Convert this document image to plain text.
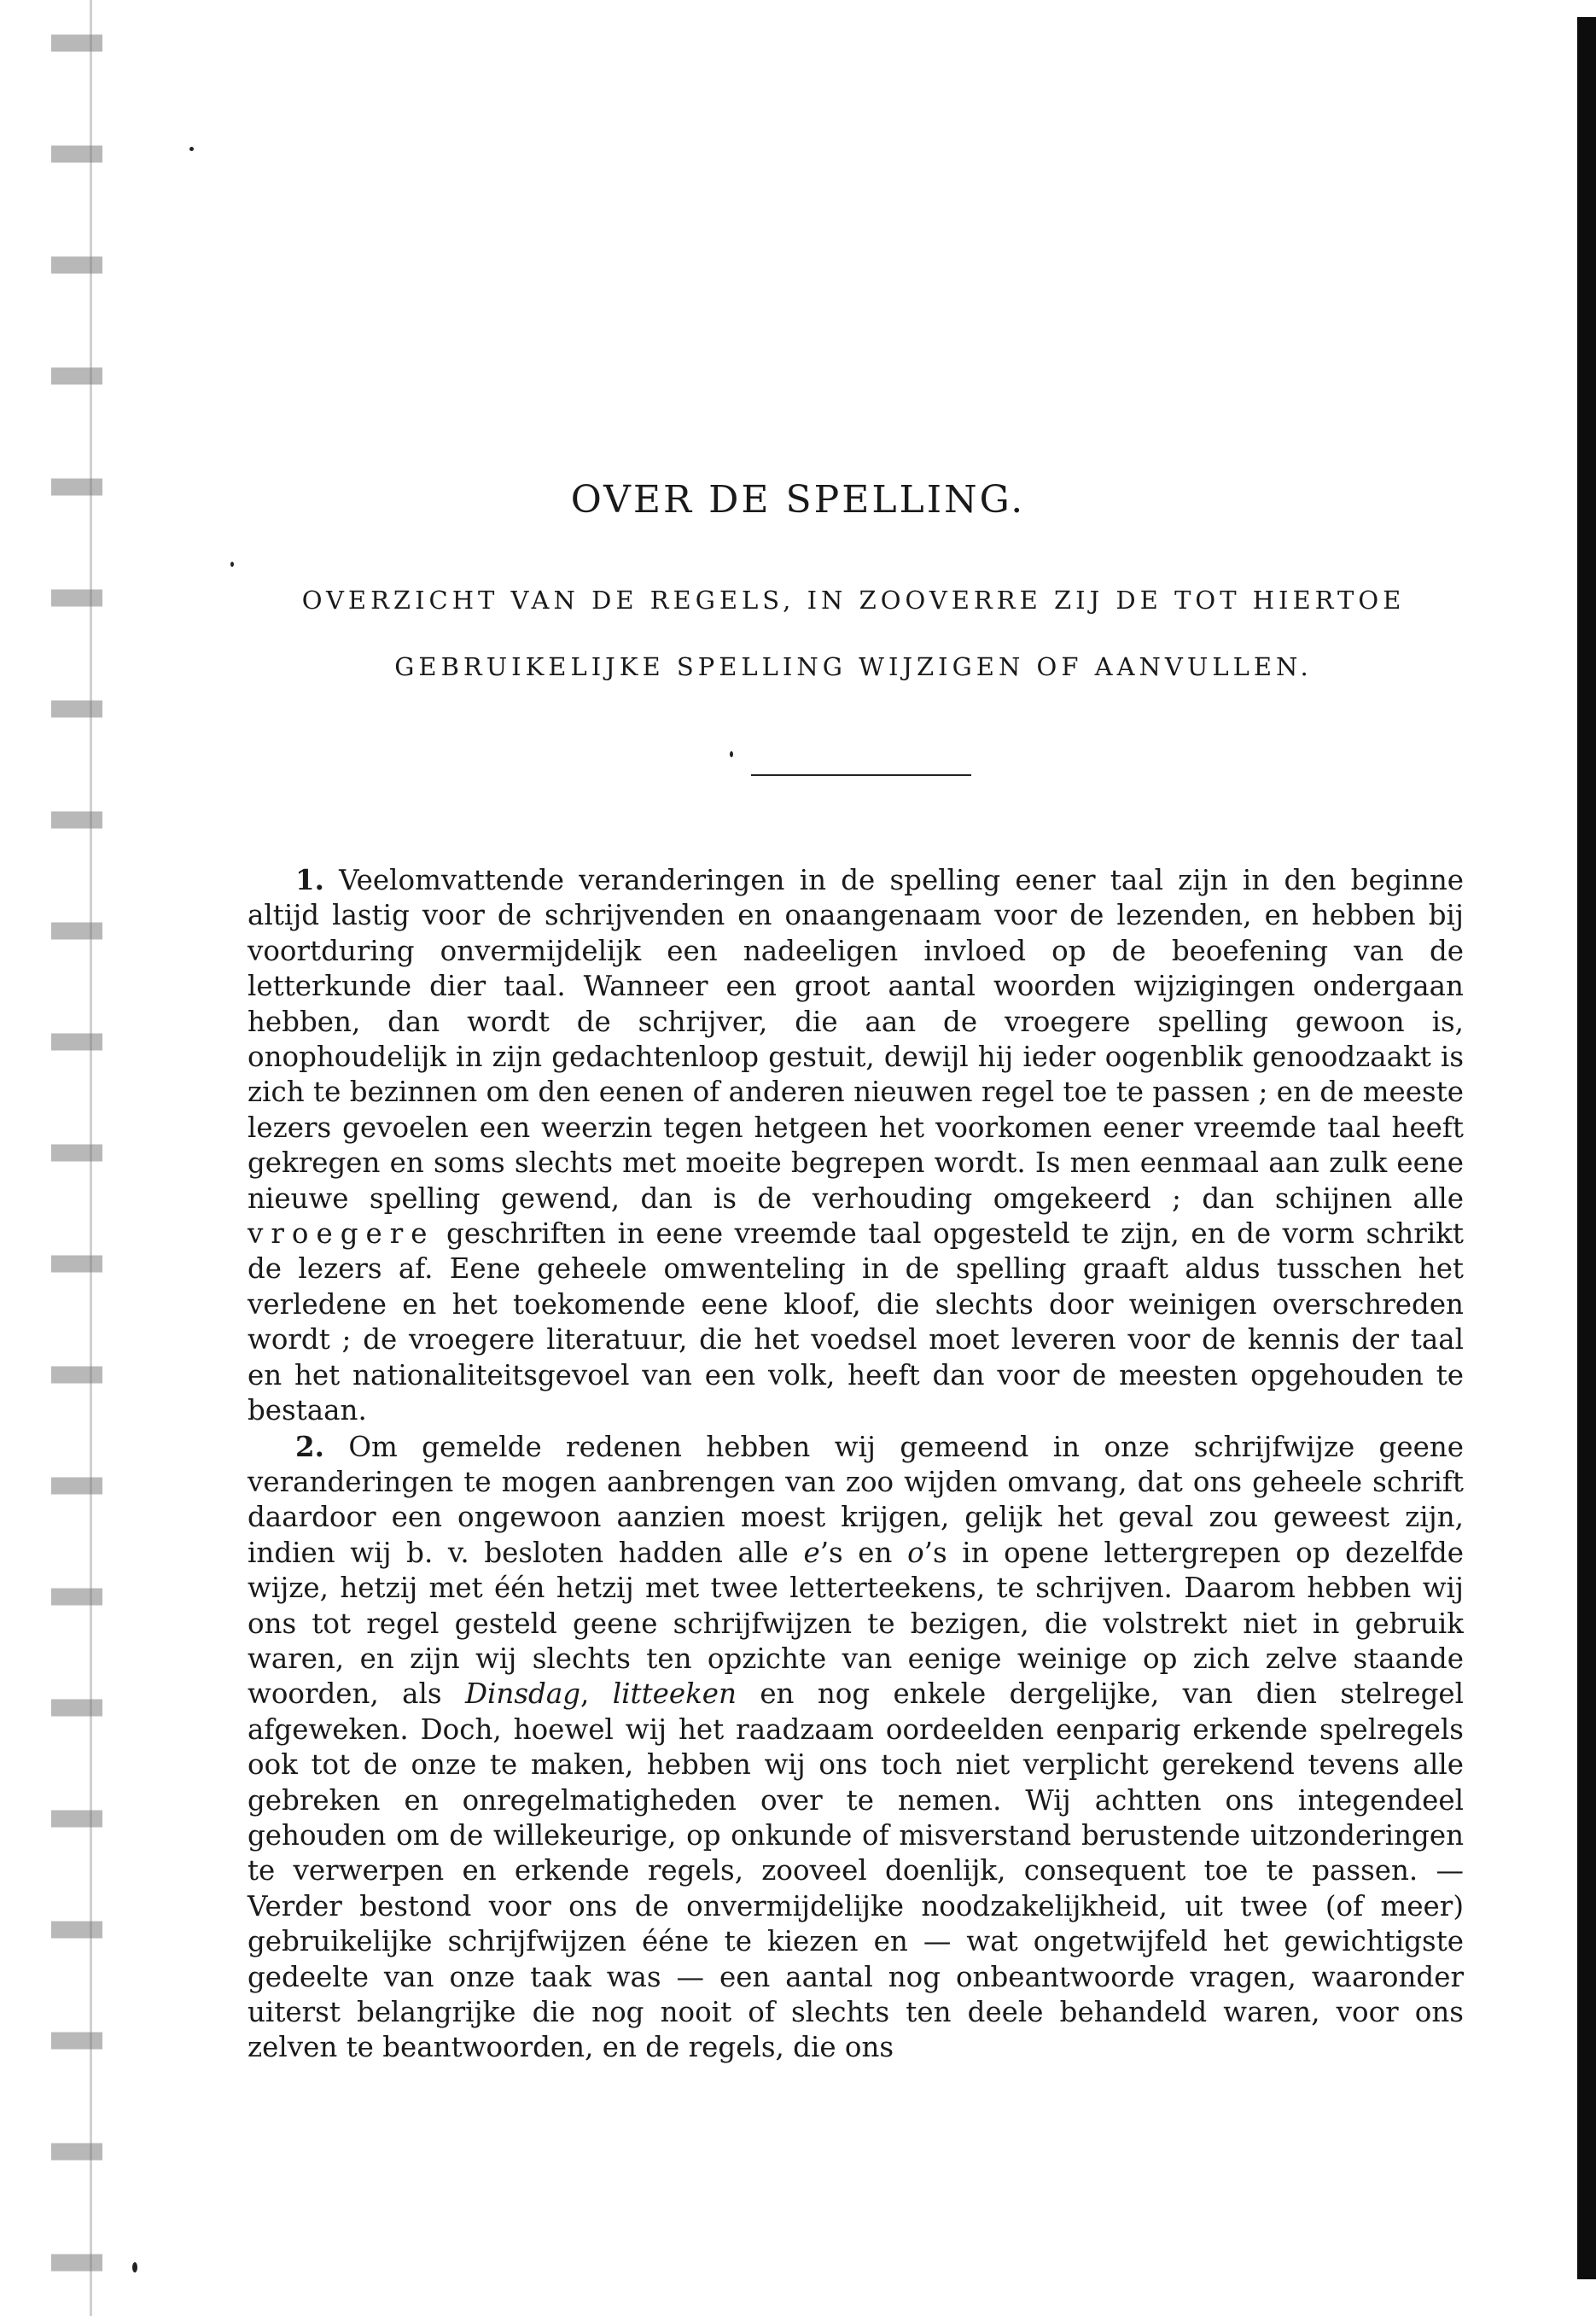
OVER DE SPELLING.
OVERZICHT VAN DE REGELS, IN ZOOVERRE ZIJ DE TOT HIERTOE
GEBRUIKELIJKE SPELLING WIJZIGEN OF AANVULLEN.

1. Veelomvattende veranderingen in de spelling eener taal zijn in den beginne altijd lastig voor de schrijvenden en onaangenaam voor de lezenden, en hebben bij voortduring onvermijdelijk een nadeeligen invloed op de beoefening van de letterkunde dier taal. Wanneer een groot aantal woorden wijzigingen ondergaan hebben, dan wordt de schrijver, die aan de vroegere spelling gewoon is, onophoudelijk in zijn gedachtenloop gestuit, dewijl hij ieder oogenblik genoodzaakt is zich te bezinnen om den eenen of anderen nieuwen regel toe te passen ; en de meeste lezers gevoelen een weerzin tegen hetgeen het voorkomen eener vreemde taal heeft gekregen en soms slechts met moeite begrepen wordt. Is men eenmaal aan zulk eene nieuwe spelling gewend, dan is de verhouding omgekeerd ; dan schijnen alle vroegere geschriften in eene vreemde taal opgesteld te zijn, en de vorm schrikt de lezers af. Eene geheele omwenteling in de spelling graaft aldus tusschen het verledene en het toekomende eene kloof, die slechts door weinigen overschreden wordt ; de vroegere literatuur, die het voedsel moet leveren voor de kennis der taal en het nationaliteitsgevoel van een volk, heeft dan voor de meesten opgehouden te bestaan.

2. Om gemelde redenen hebben wij gemeend in onze schrijfwijze geene veranderingen te mogen aanbrengen van zoo wijden omvang, dat ons geheele schrift daardoor een ongewoon aanzien moest krijgen, gelijk het geval zou geweest zijn, indien wij b. v. besloten hadden alle e’s en o’s in opene lettergrepen op dezelfde wijze, hetzij met één hetzij met twee letterteekens, te schrijven. Daarom hebben wij ons tot regel gesteld geene schrijfwijzen te bezigen, die volstrekt niet in gebruik waren, en zijn wij slechts ten opzichte van eenige weinige op zich zelve staande woorden, als Dinsdag, litteeken en nog enkele dergelijke, van dien stelregel afgeweken. Doch, hoewel wij het raadzaam oordeelden eenparig erkende spelregels ook tot de onze te maken, hebben wij ons toch niet verplicht gerekend tevens alle gebreken en onregelmatigheden over te nemen. Wij achtten ons integendeel gehouden om de willekeurige, op onkunde of misverstand berustende uitzonderingen te verwerpen en erkende regels, zooveel doenlijk, consequent toe te passen. — Verder bestond voor ons de onvermijdelijke noodzakelijkheid, uit twee (of meer) gebruikelijke schrijfwijzen ééne te kiezen en — wat ongetwijfeld het gewichtigste gedeelte van onze taak was — een aantal nog onbeantwoorde vragen, waaronder uiterst belangrijke die nog nooit of slechts ten deele behandeld waren, voor ons zelven te beantwoorden, en de regels, die ons
